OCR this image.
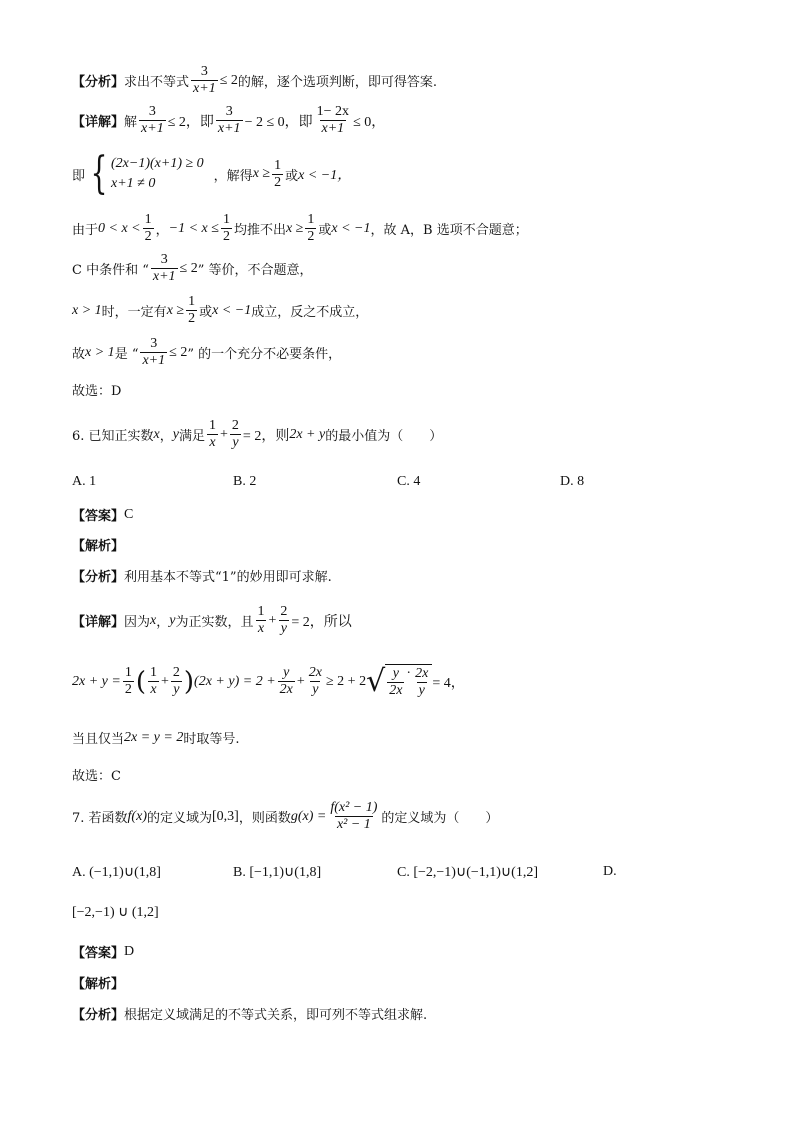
【分析】 求出不等式 $\frac{3}{x+1} \le 2$ 的解，逐个选项判断，即可得答案.
【详解】 解 $\frac{3}{x+1} \le 2$，即 $\frac{3}{x+1} - 2 \le 0$，即 $\frac{1- 2x}{x+1} \le 0$，
即 { (2x−1)(x+1) ≥ 0
x+1 ≠ 0	，解得 $x \ge \frac{1}{2}$ 或 x < −1，
由于 $0 < x < \frac{1}{2}$ ， $-1 < x \le \frac{1}{2}$ 均推不出 $x \ge \frac{1}{2}$ 或 x < −1 ，故 A，B 选项不合题意；
C 中条件和 “ $\frac{3}{x+1} \le 2$ ” 等价，不合题意，
x > 1 时，一定有 $x \ge \frac{1}{2}$ 或 x < −1 成立，反之不成立，
故 x > 1 是 “ $\frac{3}{x+1} \le 2$ ” 的一个充分不必要条件，
故选：D
6. 已知正实数 x ， y 满足 $\frac{1}{x} + \frac{2}{y} = 2$，则 2x + y 的最小值为（　　）
A. 1	B. 2	C. 4	D. 8
【答案】 C
【解析】
【分析】 利用基本不等式“1”的妙用即可求解.
【详解】 因为 x ， y 为正实数，且 $\frac{1}{x} + \frac{2}{y} = 2$，所以
$2x + y = \frac{1}{2}$ ( $\frac{1}{x} + \frac{2}{y}$ ) $(2x + y) = 2 + \frac{y}{2x} + \frac{2x}{y} \ge 2 + 2$ √ $\frac{y}{2x} \cdot \frac{2x}{y} = 4$，
当且仅当 2x = y = 2 时取等号.
故选：C
7. 若函数 f(x) 的定义域为 [0,3] ，则函数 $g(x) = \frac{\text{f(x² − 1)}}{\text{x² − 1}}$ 的定义域为（　　）
A. (−1,1)∪(1,8]	B. [−1,1)∪(1,8]	C. [−2,−1)∪(−1,1)∪(1,2]	D.
[−2,−1) ∪ (1,2]
【答案】 D
【解析】
【分析】 根据定义域满足的不等式关系，即可列不等式组求解.
